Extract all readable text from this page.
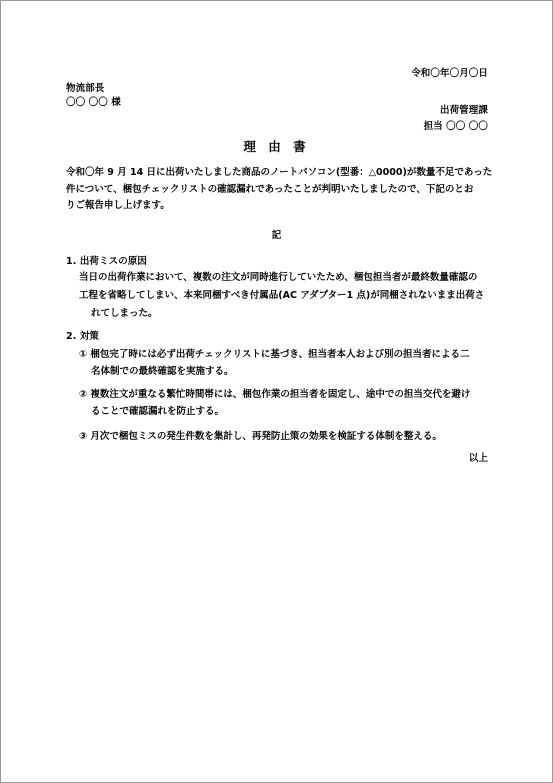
令和〇年〇月〇日
物流部長
〇〇 〇〇 様
出荷管理課
担当 〇〇 〇〇
理 由 書
令和〇年 9 月 14 日に出荷いたしました商品のノートパソコン(型番：△0000)が数量不足であった
件について、梱包チェックリストの確認漏れであったことが判明いたしましたので、下記のとお
りご報告申し上げます。
記
1. 出荷ミスの原因
当日の出荷作業において、複数の注文が同時進行していたため、梱包担当者が最終数量確認の
工程を省略してしまい、本来同梱すべき付属品(AC アダプター1 点)が同梱されないまま出荷さ
れてしまった。
2. 対策
① 梱包完了時には必ず出荷チェックリストに基づき、担当者本人および別の担当者による二
名体制での最終確認を実施する。
② 複数注文が重なる繁忙時間帯には、梱包作業の担当者を固定し、途中での担当交代を避け
ることで確認漏れを防止する。
③ 月次で梱包ミスの発生件数を集計し、再発防止策の効果を検証する体制を整える。
以上
